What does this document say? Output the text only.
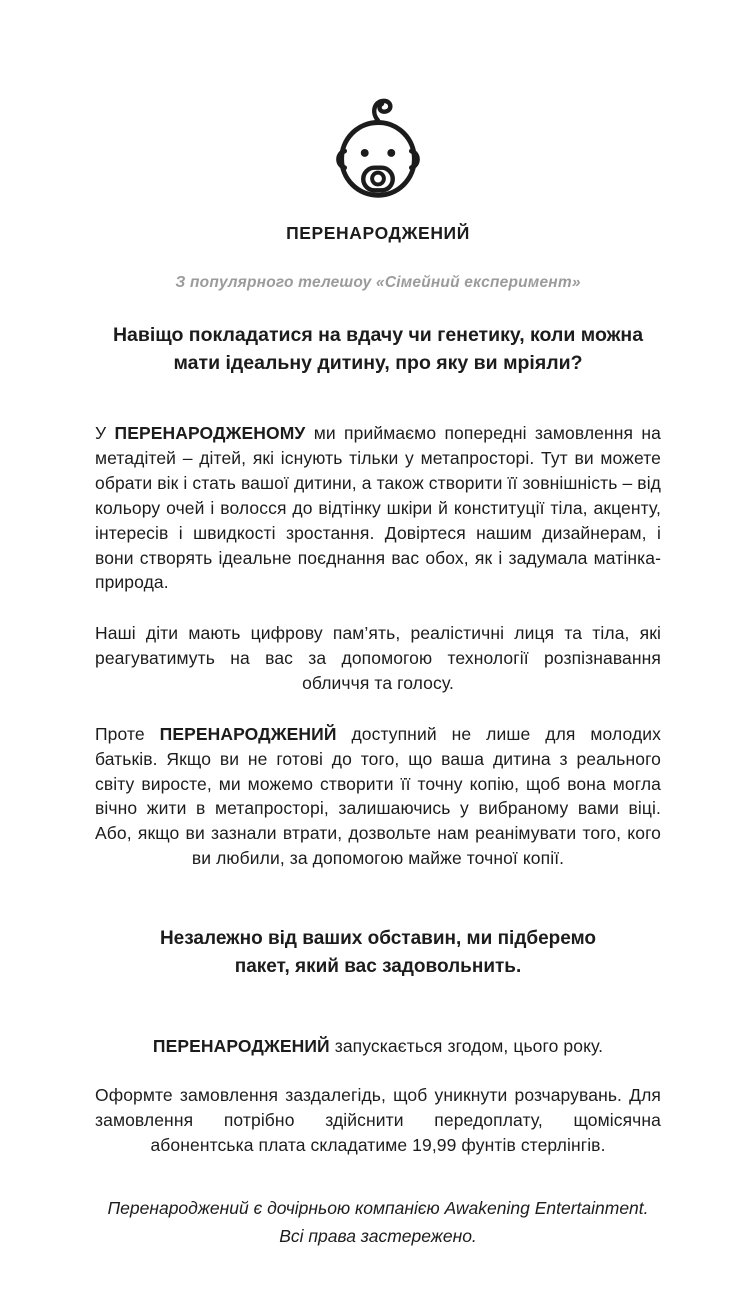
ПЕРЕНАРОДЖЕНИЙ
З популярного телешоу «Сімейний експеримент»
Навіщо покладатися на вдачу чи генетику, коли можна мати ідеальну дитину, про яку ви мріяли?

У ПЕРЕНАРОДЖЕНОМУ ми приймаємо попередні замовлення на метадітей – дітей, які існують тільки у метапросторі. Тут ви можете обрати вік і стать вашої дитини, а також створити її зовнішність – від кольору очей і волосся до відтінку шкіри й конституції тіла, акценту, інтересів і швидкості зростання. Довіртеся нашим дизайнерам, і вони створять ідеальне поєднання вас обох, як і задумала матінка-природа.

Наші діти мають цифрову пам’ять, реалістичні лиця та тіла, які реагуватимуть на вас за допомогою технології розпізнавання обличчя та голосу.

Проте ПЕРЕНАРОДЖЕНИЙ доступний не лише для молодих батьків. Якщо ви не готові до того, що ваша дитина з реального світу виросте, ми можемо створити її точну копію, щоб вона могла вічно жити в метапросторі, залишаючись у вибраному вами віці. Або, якщо ви зазнали втрати, дозвольте нам реанімувати того, кого ви любили, за допомогою майже точної копії.

Незалежно від ваших обставин, ми підберемо пакет, який вас задовольнить.
ПЕРЕНАРОДЖЕНИЙ запускається згодом, цього року.

Оформте замовлення заздалегідь, щоб уникнути розчарувань. Для замовлення потрібно здійснити передоплату, щомісячна абонентська плата складатиме 19,99 фунтів стерлінгів.

Перенароджений є дочірньою компанією Awakening Entertainment.
Всі права застережено.
